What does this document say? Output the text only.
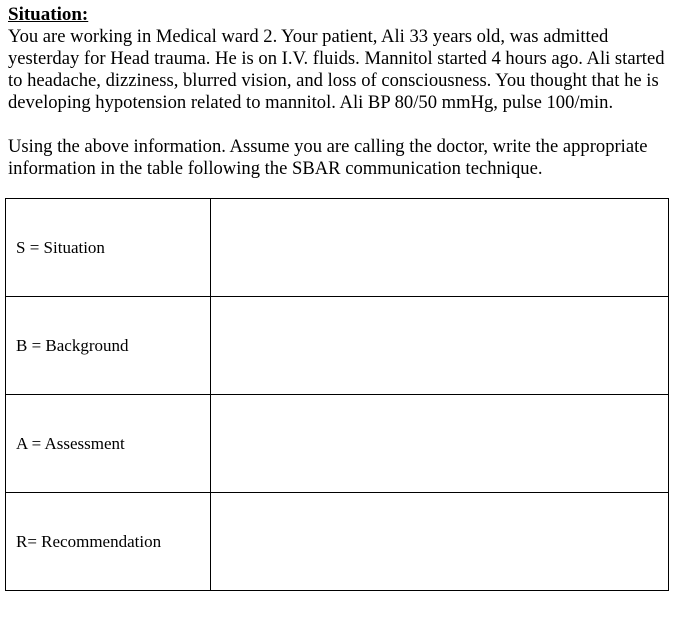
Situation:

You are working in Medical ward 2. Your patient, Ali 33 years old, was admitted yesterday for Head trauma. He is on I.V. fluids. Mannitol started 4 hours ago. Ali started to headache, dizziness, blurred vision, and loss of consciousness. You thought that he is developing hypotension related to mannitol. Ali BP 80/50 mmHg, pulse 100/min.

Using the above information. Assume you are calling the doctor, write the appropriate information in the table following the SBAR communication technique.

S = Situation	
B = Background	
A = Assessment	
R= Recommendation	
